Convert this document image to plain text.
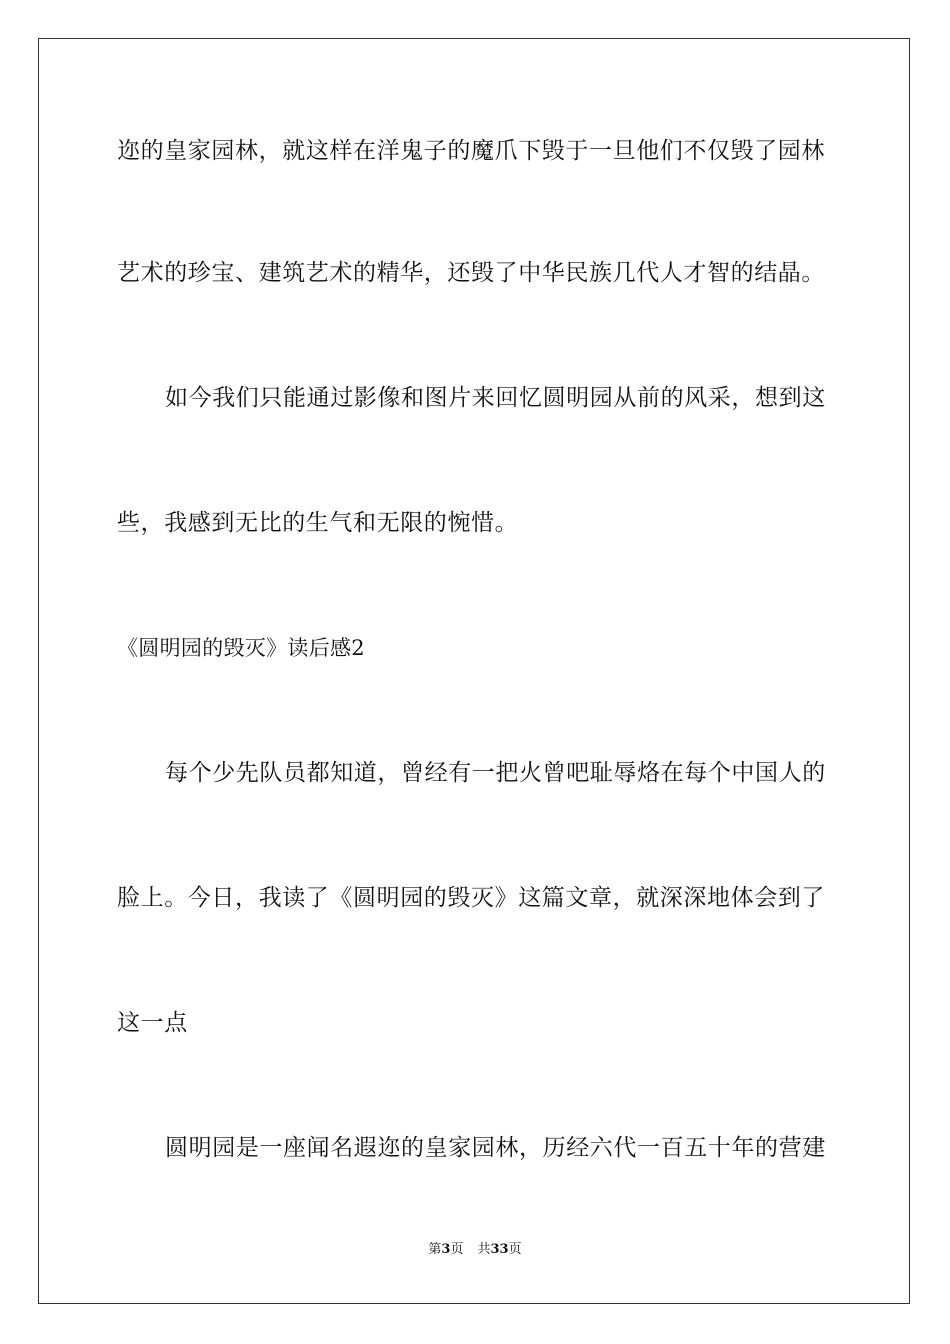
迩的皇家园林，就这样在洋鬼子的魔爪下毁于一旦他们不仅毁了园林
艺术的珍宝、建筑艺术的精华，还毁了中华民族几代人才智的结晶。
如今我们只能通过影像和图片来回忆圆明园从前的风采，想到这
些，我感到无比的生气和无限的惋惜。
《圆明园的毁灭》读后感2
每个少先队员都知道，曾经有一把火曾吧耻辱烙在每个中国人的
脸上。今日，我读了《圆明园的毁灭》这篇文章，就深深地体会到了
这一点
圆明园是一座闻名遐迩的皇家园林，历经六代一百五十年的营建
第3页 共33页
